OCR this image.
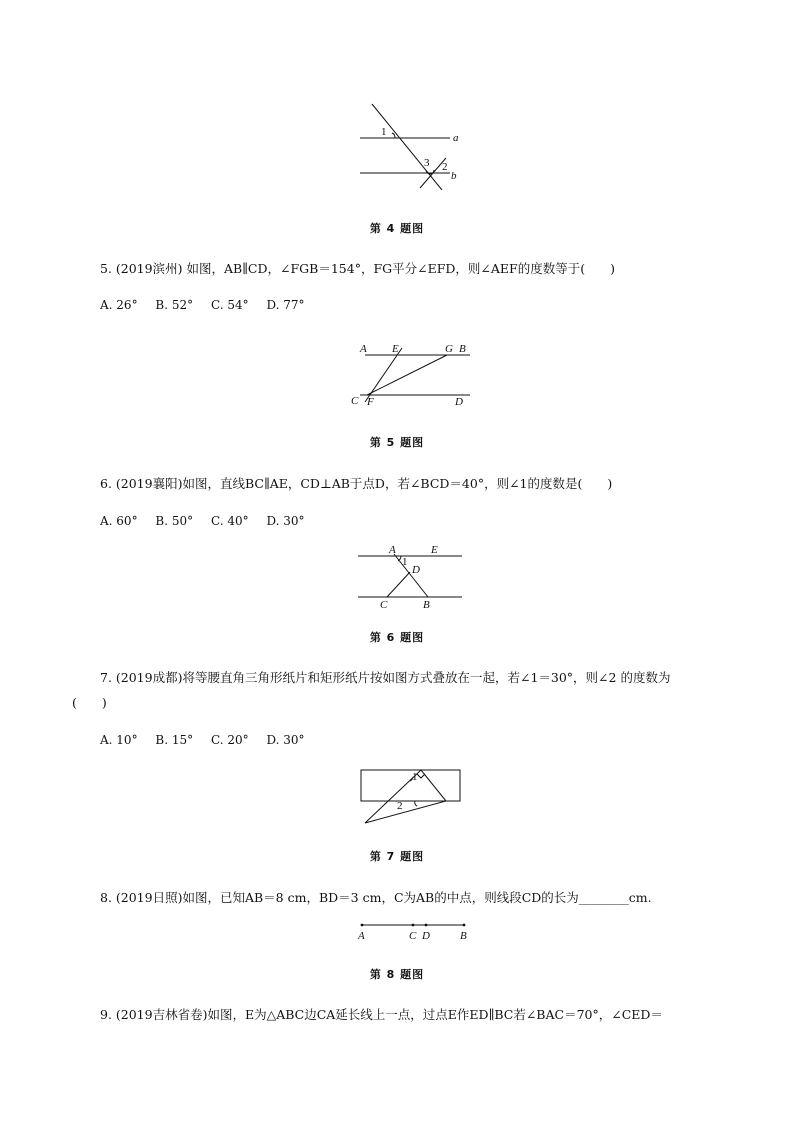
1
3 2
a
b
第 4 题图
5. (2019滨州) 如图，AB∥CD，∠FGB＝154°，FG平分∠EFD，则∠AEF的度数等于(　　)
A. 26° B. 52° C. 54° D. 77°
A E	G B
C F	D
第 5 题图
6. (2019襄阳)如图，直线BC∥AE，CD⊥AB于点D，若∠BCD＝40°，则∠1的度数是(　　)
A. 60° B. 50° C. 40° D. 30°
A	E
1
D
C	B
第 6 题图
7. (2019成都)将等腰直角三角形纸片和矩形纸片按如图方式叠放在一起，若∠1＝30°，则∠2 的度数为
(　　)
A. 10° B. 15° C. 20° D. 30°
1
2
第 7 题图
8. (2019日照)如图，已知AB＝8 cm，BD＝3 cm，C为AB的中点，则线段CD的长为________cm.
A	C D	B
第 8 题图
9. (2019吉林省卷)如图，E为△ABC边CA延长线上一点，过点E作ED∥BC若∠BAC＝70°，∠CED＝
